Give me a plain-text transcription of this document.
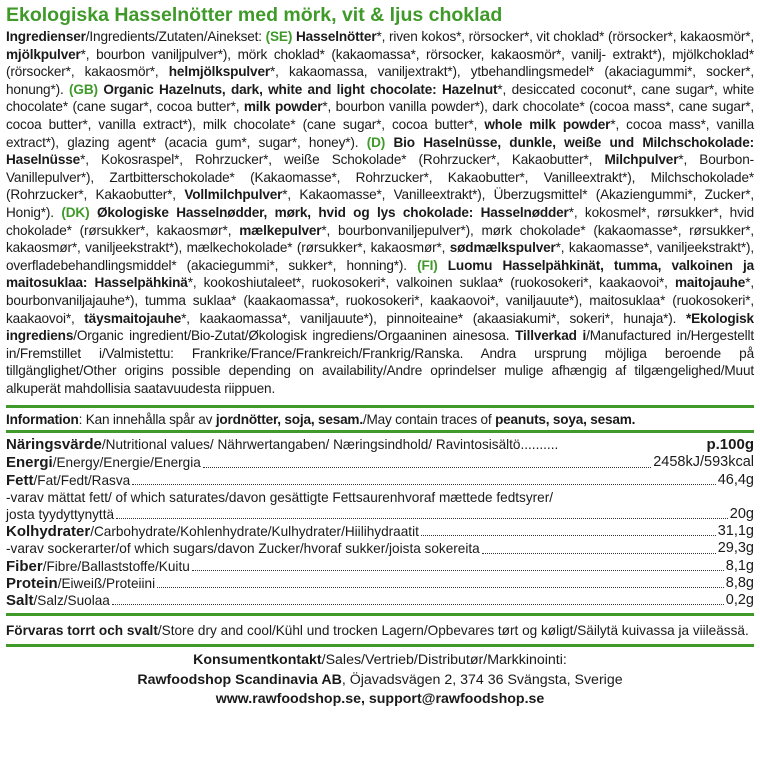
Ekologiska Hasselnötter med mörk, vit & ljus choklad
Ingredienser/Ingredients/Zutaten/Ainekset: (SE) Hasselnötter*, riven kokos*, rörsocker*, vit choklad* (rörsocker*, kakaosmör*, mjölkpulver*, bourbon vaniljpulver*), mörk choklad* (kakaomassa*, rörsocker, kakaosmör*, vanilj- extrakt*), mjölkchoklad* (rörsocker*, kakaosmör*, helmjölkspulver*, kakaomassa, vaniljextrakt*), ytbehandlingsmedel* (akaciagummi*, socker*, honung*). (GB) Organic Hazelnuts, dark, white and light chocolate: Hazelnut*, desiccated coconut*, cane sugar*, white chocolate* (cane sugar*, cocoa butter*, milk powder*, bourbon vanilla powder*), dark chocolate* (cocoa mass*, cane sugar*, cocoa butter*, vanilla extract*), milk chocolate* (cane sugar*, cocoa butter*, whole milk powder*, cocoa mass*, vanilla extract*), glazing agent* (acacia gum*, sugar*, honey*). (D) Bio Haselnüsse, dunkle, weiße und Milchschokolade: Haselnüsse*, Kokosraspel*, Rohrzucker*, weiße Schokolade* (Rohrzucker*, Kakaobutter*, Milchpulver*, Bourbon-Vanillepulver*), Zartbitterschokolade* (Kakaomasse*, Rohrzucker*, Kakaobutter*, Vanilleextrakt*), Milchschokolade* (Rohrzucker*, Kakaobutter*, Vollmilchpulver*, Kakaomasse*, Vanilleextrakt*), Überzugsmittel* (Akaziengummi*, Zucker*, Honig*). (DK) Økologiske Hasselnødder, mørk, hvid og lys chokolade: Hasselnødder*, kokosmel*, rørsukker*, hvid chokolade* (rørsukker*, kakaosmør*, mælkepulver*, bourbonvaniljepulver*), mørk chokolade* (kakaomasse*, rørsukker*, kakaosmør*, vaniljeekstrakt*), mælkechokolade* (rørsukker*, kakaosmør*, sødmælkspulver*, kakaomasse*, vaniljeekstrakt*), overfladebehandlingsmiddel* (akaciegummi*, sukker*, honning*). (FI) Luomu Hasselpähkinät, tumma, valkoinen ja maitosuklaa: Hasselpähkinä*, kookoshiutaleet*, ruokosokeri*, valkoinen suklaa* (ruokosokeri*, kaakaovoi*, maitojauhe*, bourbonvaniljajauhe*), tumma suklaa* (kaakaomassa*, ruokosokeri*, kaakaovoi*, vaniljauute*), maitosuklaa* (ruokosokeri*, kaakaovoi*, täysmaitojauhe*, kaakaomassa*, vaniljauute*), pinnoiteaine* (akaasiakumi*, sokeri*, hunaja*). *Ekologisk ingrediens/Organic ingredient/Bio-Zutat/Økologisk ingrediens/Orgaaninen ainesosa. Tillverkad i/Manufactured in/Hergestellt in/Fremstillet i/Valmistettu: Frankrike/France/Frankreich/Frankrig/Ranska. Andra ursprung möjliga beroende på tillgänglighet/Other origins possible depending on availability/Andre oprindelser mulige afhængig af tilgængelighed/Muut alkuperät mahdollisia saatavuudesta riippuen.
Information: Kan innehålla spår av jordnötter, soja, sesam./May contain traces of peanuts, soya, sesam.
Näringsvärde/Nutritional values/ Nährwertangaben/ Næringsindhold/ Ravintosisältö..........	p.100g
Energi/Energy/Energie/Energia	2458kJ/593kcal
Fett/Fat/Fedt/Rasva	46,4g
-varav mättat fett/ of which saturates/davon gesättigte Fettsaurenhvoraf mættede fedtsyrer/
josta tyydyttynyttä	20g
Kolhydrater/Carbohydrate/Kohlenhydrate/Kulhydrater/Hiilihydraatit	31,1g
-varav sockerarter/of which sugars/davon Zucker/hvoraf sukker/joista sokereita	29,3g
Fiber/Fibre/Ballaststoffe/Kuitu	8,1g
Protein/Eiweiß/Proteiini	8,8g
Salt/Salz/Suolaa	0,2g
Förvaras torrt och svalt/Store dry and cool/Kühl und trocken Lagern/Opbevares tørt og køligt/Säilytä kuivassa ja viileässä.
Konsumentkontakt/Sales/Vertrieb/Distributør/Markkinointi:
Rawfoodshop Scandinavia AB, Öjavadsvägen 2, 374 36 Svängsta, Sverige
www.rawfoodshop.se, support@rawfoodshop.se
